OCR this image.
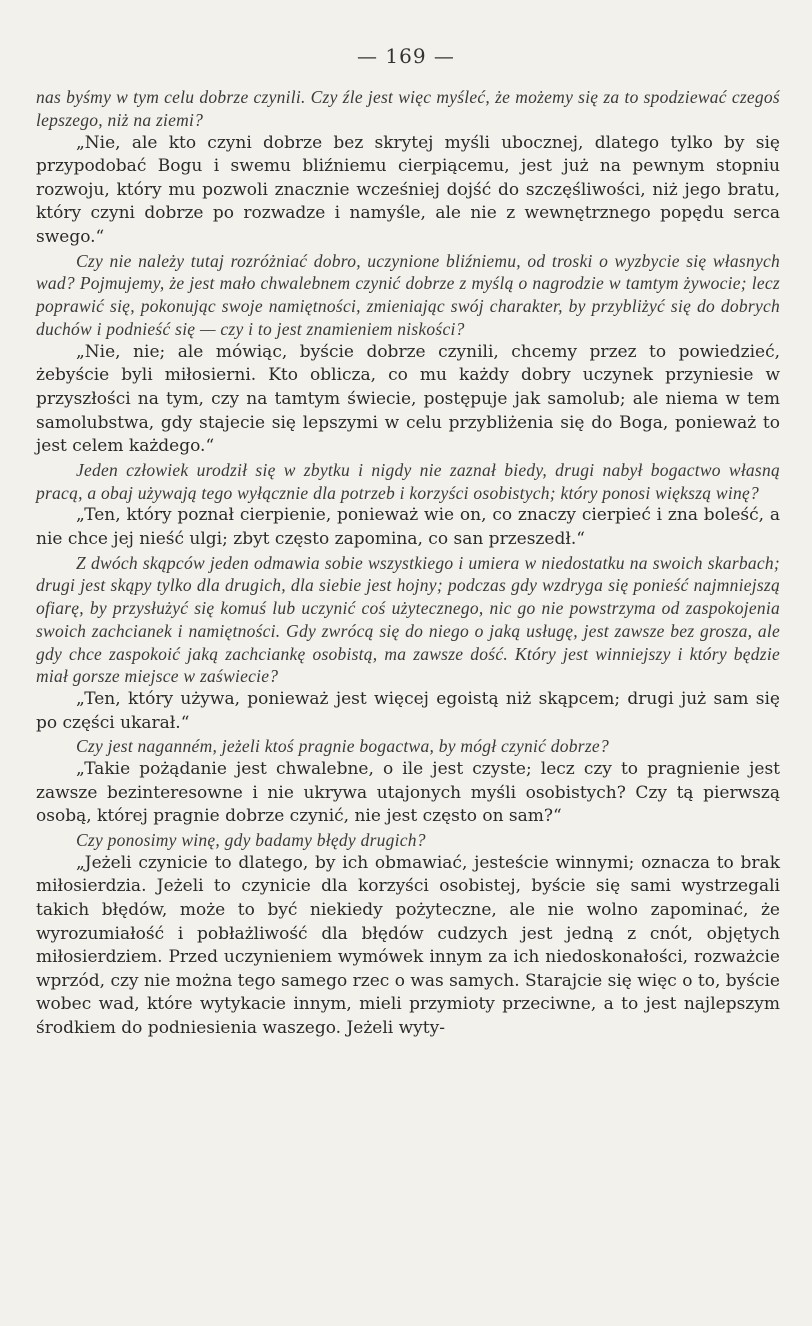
— 169 —

nas byśmy w tym celu dobrze czynili. Czy źle jest więc myśleć, że możemy się za to spodziewać czegoś lepszego, niż na ziemi?

„Nie, ale kto czyni dobrze bez skrytej myśli ubocznej, dlatego tylko by się przypodobać Bogu i swemu bliźniemu cierpiącemu, jest już na pewnym stopniu rozwoju, który mu pozwoli znacznie wcześniej dojść do szczęśliwości, niż jego bratu, który czyni dobrze po rozwadze i namyśle, ale nie z wewnętrznego popędu serca swego.“

Czy nie należy tutaj rozróżniać dobro, uczynione bliźniemu, od troski o wyzbycie się własnych wad? Pojmujemy, że jest mało chwalebnem czynić dobrze z myślą o nagrodzie w tamtym żywocie; lecz poprawić się, pokonując swoje namiętności, zmieniając swój charakter, by przybliżyć się do dobrych duchów i podnieść się — czy i to jest znamieniem niskości?

„Nie, nie; ale mówiąc, byście dobrze czynili, chcemy przez to powiedzieć, żebyście byli miłosierni. Kto oblicza, co mu każdy dobry uczynek przyniesie w przyszłości na tym, czy na tamtym świecie, postępuje jak samolub; ale niema w tem samolubstwa, gdy stajecie się lepszymi w celu przybliżenia się do Boga, ponieważ to jest celem każdego.“

Jeden człowiek urodził się w zbytku i nigdy nie zaznał biedy, drugi nabył bogactwo własną pracą, a obaj używają tego wyłącznie dla potrzeb i korzyści osobistych; który ponosi większą winę?

„Ten, który poznał cierpienie, ponieważ wie on, co znaczy cierpieć i zna boleść, a nie chce jej nieść ulgi; zbyt często zapomina, co san przeszedł.“

Z dwóch skąpców jeden odmawia sobie wszystkiego i umiera w niedostatku na swoich skarbach; drugi jest skąpy tylko dla drugich, dla siebie jest hojny; podczas gdy wzdryga się ponieść najmniejszą ofiarę, by przysłużyć się komuś lub uczynić coś użytecznego, nic go nie powstrzyma od zaspokojenia swoich zachcianek i namiętności. Gdy zwrócą się do niego o jaką usługę, jest zawsze bez grosza, ale gdy chce zaspokoić jaką zachciankę osobistą, ma zawsze dość. Który jest winniejszy i który będzie miał gorsze miejsce w zaświecie?

„Ten, który używa, ponieważ jest więcej egoistą niż skąpcem; drugi już sam się po części ukarał.“

Czy jest naganném, jeżeli ktoś pragnie bogactwa, by mógł czynić dobrze?

„Takie pożądanie jest chwalebne, o ile jest czyste; lecz czy to pragnienie jest zawsze bezinteresowne i nie ukrywa utajonych myśli osobistych? Czy tą pierwszą osobą, której pragnie dobrze czynić, nie jest często on sam?“

Czy ponosimy winę, gdy badamy błędy drugich?

„Jeżeli czynicie to dlatego, by ich obmawiać, jesteście winnymi; oznacza to brak miłosierdzia. Jeżeli to czynicie dla korzyści osobistej, byście się sami wystrzegali takich błędów, może to być niekiedy pożyteczne, ale nie wolno zapominać, że wyrozumiałość i pobłażliwość dla błędów cudzych jest jedną z cnót, objętych miłosierdziem. Przed uczynieniem wymówek innym za ich niedoskonałości, rozważcie wprzód, czy nie można tego samego rzec o was samych. Starajcie się więc o to, byście wobec wad, które wytykacie innym, mieli przymioty przeciwne, a to jest najlepszym środkiem do podniesienia waszego. Jeżeli wyty-
